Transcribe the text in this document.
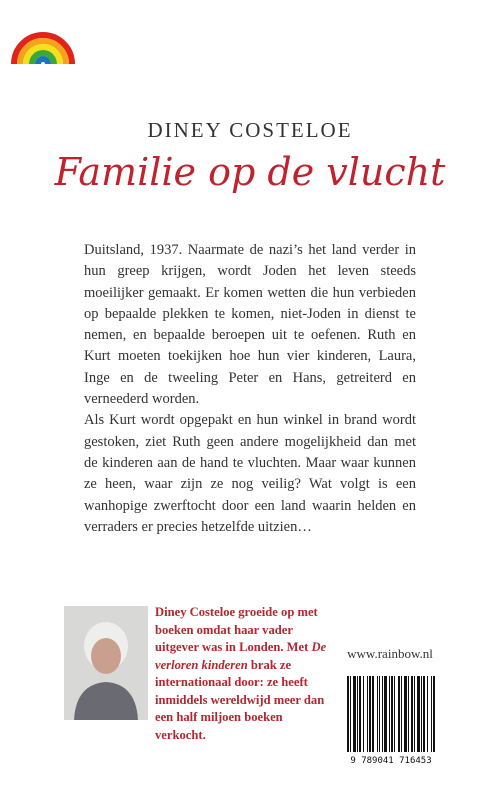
DINEY COSTELOE
Familie op de vlucht

Duitsland, 1937. Naarmate de nazi’s het land verder in hun greep krijgen, wordt Joden het leven steeds moeilijker gemaakt. Er komen wetten die hun verbieden op bepaalde plekken te komen, niet-Joden in dienst te nemen, en bepaalde beroepen uit te oefenen. Ruth en Kurt moeten toekijken hoe hun vier kinderen, Laura, Inge en de tweeling Peter en Hans, getreiterd en verneederd worden.

Als Kurt wordt opgepakt en hun winkel in brand wordt gestoken, ziet Ruth geen andere mogelijkheid dan met de kinderen aan de hand te vluchten. Maar waar kunnen ze heen, waar zijn ze nog veilig? Wat volgt is een wanhopige zwerftocht door een land waarin helden en verraders er precies hetzelfde uitzien…

Diney Costeloe groeide op met boeken omdat haar vader uitgever was in Londen. Met De verloren kinderen brak ze internationaal door: ze heeft inmiddels wereldwijd meer dan een half miljoen boeken verkocht.
www.rainbow.nl
9 789041 716453
